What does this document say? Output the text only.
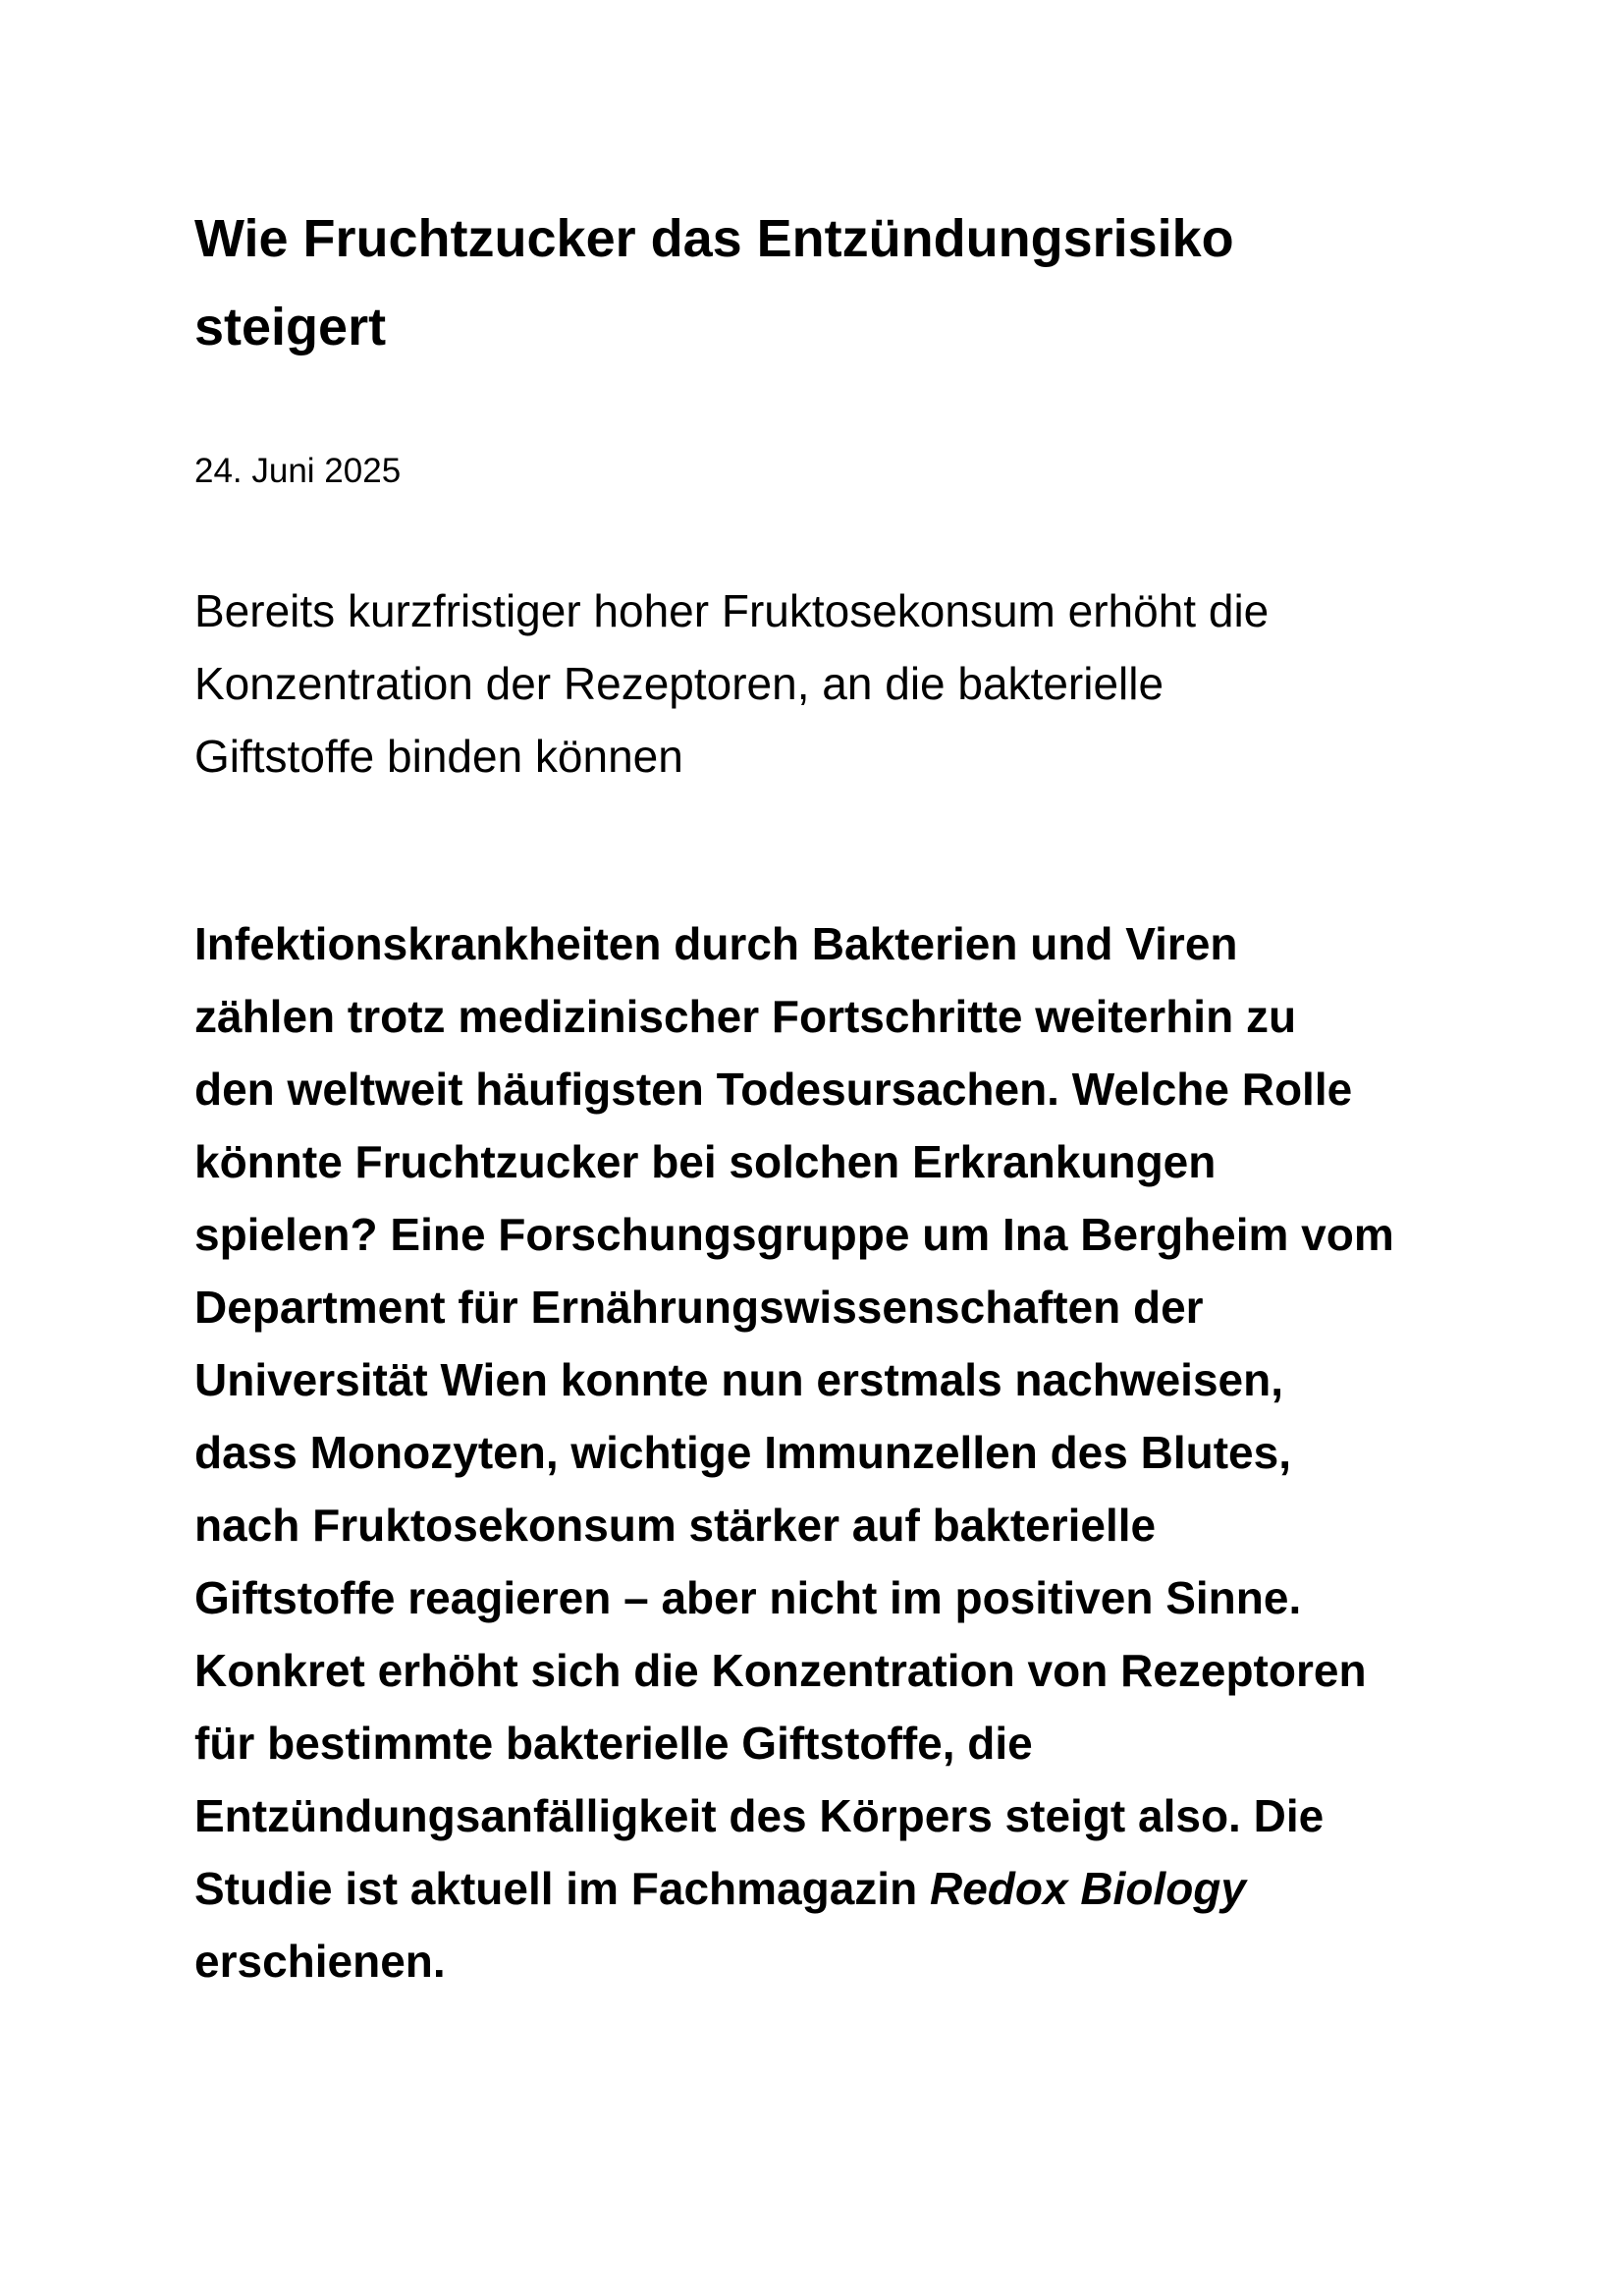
Wie Fruchtzucker das Entzündungsrisiko
steigert

24. Juni 2025

Bereits kurzfristiger hoher Fruktosekonsum erhöht die
Konzentration der Rezeptoren, an die bakterielle
Giftstoffe binden können

Infektionskrankheiten durch Bakterien und Viren
zählen trotz medizinischer Fortschritte weiterhin zu
den weltweit häufigsten Todesursachen. Welche Rolle
könnte Fruchtzucker bei solchen Erkrankungen
spielen? Eine Forschungsgruppe um Ina Bergheim vom
Department für Ernährungswissenschaften der
Universität Wien konnte nun erstmals nachweisen,
dass Monozyten, wichtige Immunzellen des Blutes,
nach Fruktosekonsum stärker auf bakterielle
Giftstoffe reagieren – aber nicht im positiven Sinne.
Konkret erhöht sich die Konzentration von Rezeptoren
für bestimmte bakterielle Giftstoffe, die
Entzündungsanfälligkeit des Körpers steigt also. Die
Studie ist aktuell im Fachmagazin Redox Biology
erschienen.
